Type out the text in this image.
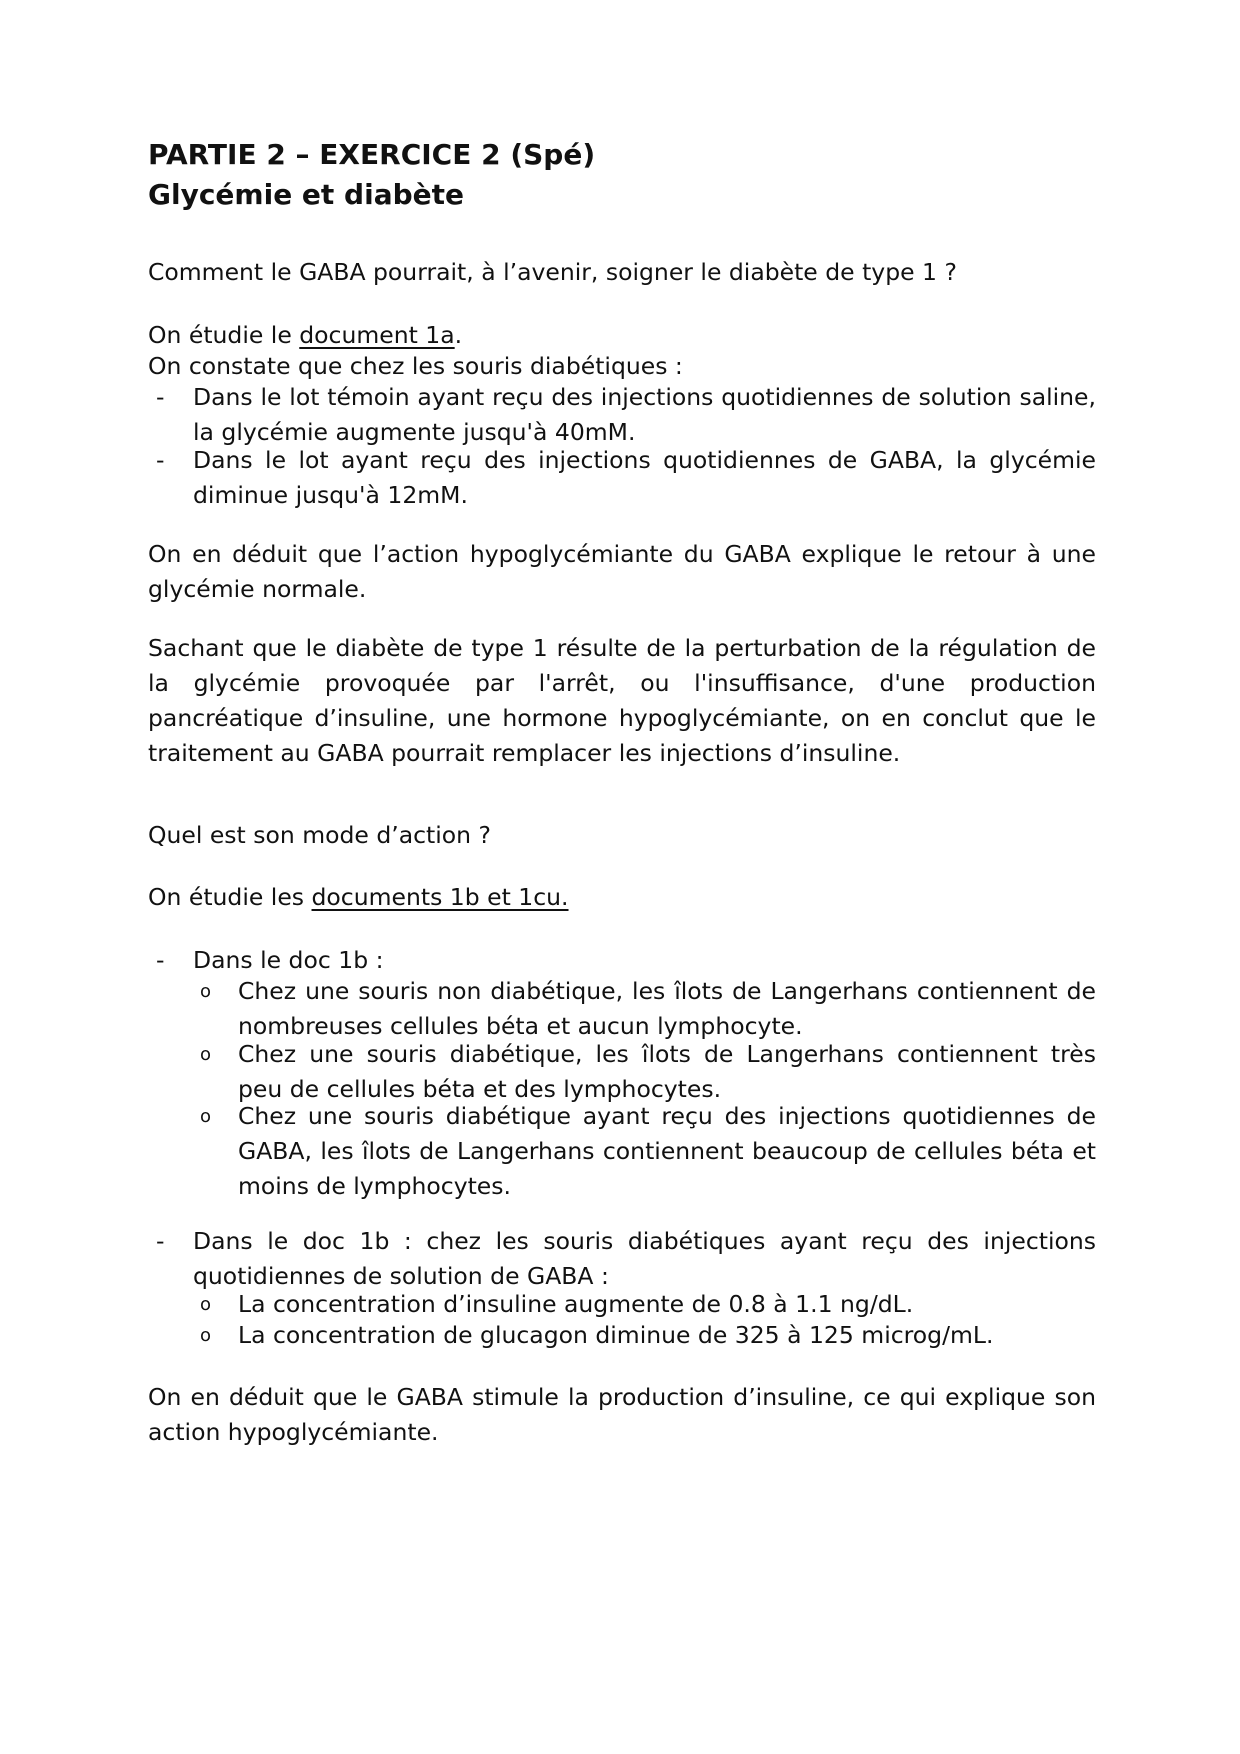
PARTIE 2 – EXERCICE 2 (Spé)

Glycémie et diabète

Comment le GABA pourrait, à l’avenir, soigner le diabète de type 1 ?

On étudie le document 1a.

On constate que chez les souris diabétiques :

-	Dans le lot témoin ayant reçu des injections quotidiennes de solution saline, la glycémie augmente jusqu'à 40mM.
-	Dans le lot ayant reçu des injections quotidiennes de GABA, la glycémie diminue jusqu'à 12mM.

On en déduit que l’action hypoglycémiante du GABA explique le retour à une glycémie normale.

Sachant que le diabète de type 1 résulte de la perturbation de la régulation de la glycémie provoquée par l'arrêt, ou l'insuffisance, d'une production pancréatique d’insuline, une hormone hypoglycémiante, on en conclut que le traitement au GABA pourrait remplacer les injections d’insuline.

Quel est son mode d’action ?

On étudie les documents 1b et 1cu.

-	Dans le doc 1b :
o	Chez une souris non diabétique, les îlots de Langerhans contiennent de nombreuses cellules béta et aucun lymphocyte.
o	Chez une souris diabétique, les îlots de Langerhans contiennent très peu de cellules béta et des lymphocytes.
o	Chez une souris diabétique ayant reçu des injections quotidiennes de GABA, les îlots de Langerhans contiennent beaucoup de cellules béta et moins de lymphocytes.
-	Dans le doc 1b : chez les souris diabétiques ayant reçu des injections quotidiennes de solution de GABA :
o	La concentration d’insuline augmente de 0.8 à 1.1 ng/dL.
o	La concentration de glucagon diminue de 325 à 125 microg/mL.

On en déduit que le GABA stimule la production d’insuline, ce qui explique son action hypoglycémiante.
